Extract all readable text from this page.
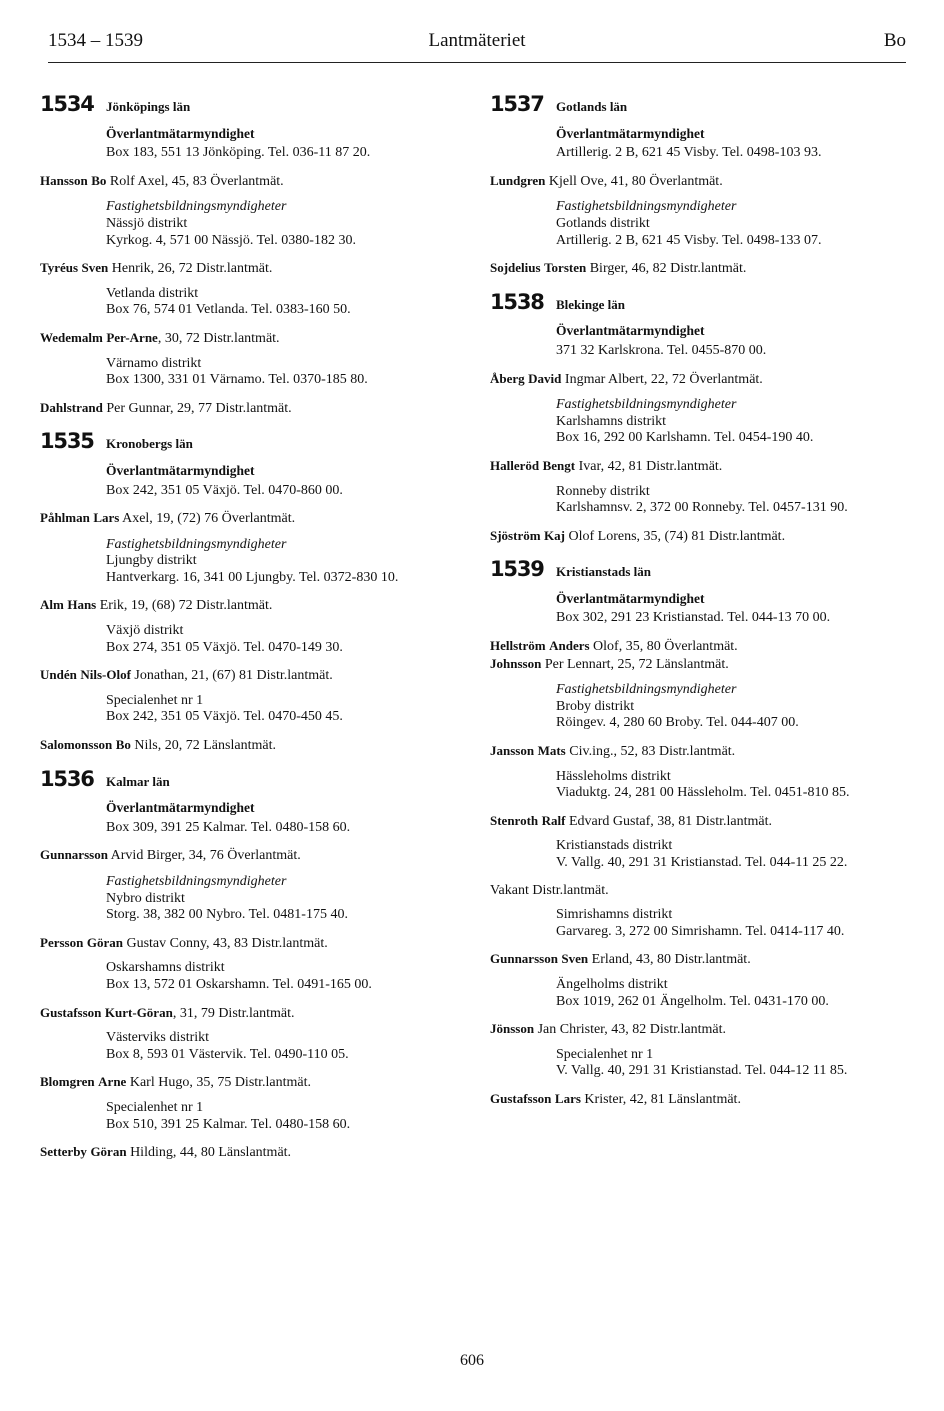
1534 – 1539	Lantmäteriet	Bo
1534 Jönköpings län
Överlantmätarmyndighet
Box 183, 551 13 Jönköping. Tel. 036-11 87 20.
Hansson Bo Rolf Axel, 45, 83 Överlantmät.
Fastighetsbildningsmyndigheter
Nässjö distrikt
Kyrkog. 4, 571 00 Nässjö. Tel. 0380-182 30.
Tyréus Sven Henrik, 26, 72 Distr.lantmät.
Vetlanda distrikt
Box 76, 574 01 Vetlanda. Tel. 0383-160 50.
Wedemalm Per-Arne, 30, 72 Distr.lantmät.
Värnamo distrikt
Box 1300, 331 01 Värnamo. Tel. 0370-185 80.
Dahlstrand Per Gunnar, 29, 77 Distr.lantmät.
1535 Kronobergs län
Överlantmätarmyndighet
Box 242, 351 05 Växjö. Tel. 0470-860 00.
Påhlman Lars Axel, 19, (72) 76 Överlantmät.
Fastighetsbildningsmyndigheter
Ljungby distrikt
Hantverkarg. 16, 341 00 Ljungby. Tel. 0372-830 10.
Alm Hans Erik, 19, (68) 72 Distr.lantmät.
Växjö distrikt
Box 274, 351 05 Växjö. Tel. 0470-149 30.
Undén Nils-Olof Jonathan, 21, (67) 81 Distr.lantmät.
Specialenhet nr 1
Box 242, 351 05 Växjö. Tel. 0470-450 45.
Salomonsson Bo Nils, 20, 72 Länslantmät.
1536 Kalmar län
Överlantmätarmyndighet
Box 309, 391 25 Kalmar. Tel. 0480-158 60.
Gunnarsson Arvid Birger, 34, 76 Överlantmät.
Fastighetsbildningsmyndigheter
Nybro distrikt
Storg. 38, 382 00 Nybro. Tel. 0481-175 40.
Persson Göran Gustav Conny, 43, 83 Distr.lantmät.
Oskarshamns distrikt
Box 13, 572 01 Oskarshamn. Tel. 0491-165 00.
Gustafsson Kurt-Göran, 31, 79 Distr.lantmät.
Västerviks distrikt
Box 8, 593 01 Västervik. Tel. 0490-110 05.
Blomgren Arne Karl Hugo, 35, 75 Distr.lantmät.
Specialenhet nr 1
Box 510, 391 25 Kalmar. Tel. 0480-158 60.
Setterby Göran Hilding, 44, 80 Länslantmät.
1537 Gotlands län
Överlantmätarmyndighet
Artillerig. 2 B, 621 45 Visby. Tel. 0498-103 93.
Lundgren Kjell Ove, 41, 80 Överlantmät.
Fastighetsbildningsmyndigheter
Gotlands distrikt
Artillerig. 2 B, 621 45 Visby. Tel. 0498-133 07.
Sojdelius Torsten Birger, 46, 82 Distr.lantmät.
1538 Blekinge län
Överlantmätarmyndighet
371 32 Karlskrona. Tel. 0455-870 00.
Åberg David Ingmar Albert, 22, 72 Överlantmät.
Fastighetsbildningsmyndigheter
Karlshamns distrikt
Box 16, 292 00 Karlshamn. Tel. 0454-190 40.
Halleröd Bengt Ivar, 42, 81 Distr.lantmät.
Ronneby distrikt
Karlshamnsv. 2, 372 00 Ronneby. Tel. 0457-131 90.
Sjöström Kaj Olof Lorens, 35, (74) 81 Distr.lantmät.
1539 Kristianstads län
Överlantmätarmyndighet
Box 302, 291 23 Kristianstad. Tel. 044-13 70 00.
Hellström Anders Olof, 35, 80 Överlantmät.
Johnsson Per Lennart, 25, 72 Länslantmät.
Fastighetsbildningsmyndigheter
Broby distrikt
Röingev. 4, 280 60 Broby. Tel. 044-407 00.
Jansson Mats Civ.ing., 52, 83 Distr.lantmät.
Hässleholms distrikt
Viaduktg. 24, 281 00 Hässleholm. Tel. 0451-810 85.
Stenroth Ralf Edvard Gustaf, 38, 81 Distr.lantmät.
Kristianstads distrikt
V. Vallg. 40, 291 31 Kristianstad. Tel. 044-11 25 22.
Vakant Distr.lantmät.
Simrishamns distrikt
Garvareg. 3, 272 00 Simrishamn. Tel. 0414-117 40.
Gunnarsson Sven Erland, 43, 80 Distr.lantmät.
Ängelholms distrikt
Box 1019, 262 01 Ängelholm. Tel. 0431-170 00.
Jönsson Jan Christer, 43, 82 Distr.lantmät.
Specialenhet nr 1
V. Vallg. 40, 291 31 Kristianstad. Tel. 044-12 11 85.
Gustafsson Lars Krister, 42, 81 Länslantmät.
606
